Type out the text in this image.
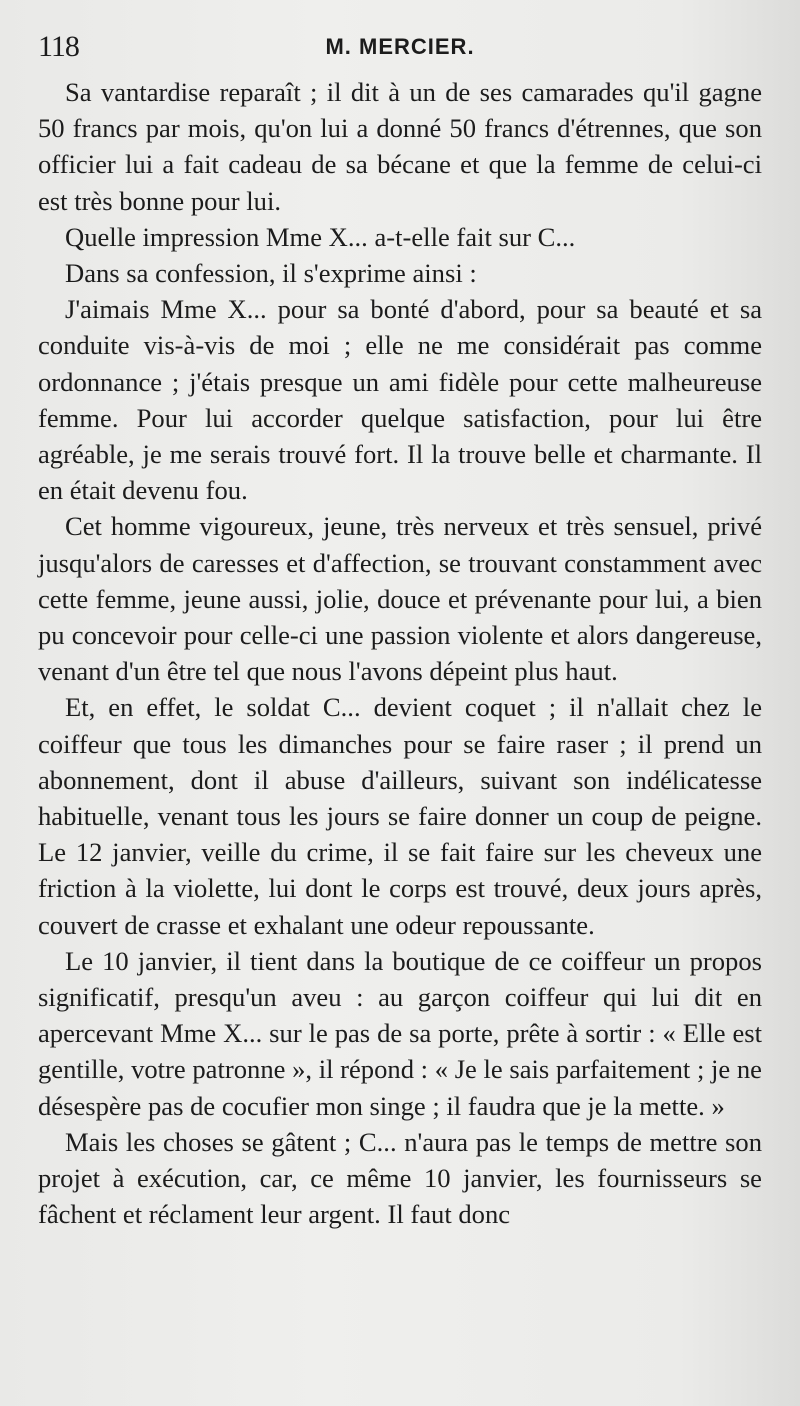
118	M. MERCIER.

Sa vantardise reparaît ; il dit à un de ses camarades qu'il gagne 50 francs par mois, qu'on lui a donné 50 francs d'étrennes, que son officier lui a fait cadeau de sa bécane et que la femme de celui-ci est très bonne pour lui.

Quelle impression Mme X... a-t-elle fait sur C...

Dans sa confession, il s'exprime ainsi :

J'aimais Mme X... pour sa bonté d'abord, pour sa beauté et sa conduite vis-à-vis de moi ; elle ne me considérait pas comme ordonnance ; j'étais presque un ami fidèle pour cette malheureuse femme. Pour lui accorder quelque satisfaction, pour lui être agréable, je me serais trouvé fort. Il la trouve belle et charmante. Il en était devenu fou.

Cet homme vigoureux, jeune, très nerveux et très sensuel, privé jusqu'alors de caresses et d'affection, se trouvant constamment avec cette femme, jeune aussi, jolie, douce et prévenante pour lui, a bien pu concevoir pour celle-ci une passion violente et alors dangereuse, venant d'un être tel que nous l'avons dépeint plus haut.

Et, en effet, le soldat C... devient coquet ; il n'allait chez le coiffeur que tous les dimanches pour se faire raser ; il prend un abonnement, dont il abuse d'ailleurs, suivant son indélicatesse habituelle, venant tous les jours se faire donner un coup de peigne. Le 12 janvier, veille du crime, il se fait faire sur les cheveux une friction à la violette, lui dont le corps est trouvé, deux jours après, couvert de crasse et exhalant une odeur repoussante.

Le 10 janvier, il tient dans la boutique de ce coiffeur un propos significatif, presqu'un aveu : au garçon coiffeur qui lui dit en apercevant Mme X... sur le pas de sa porte, prête à sortir : « Elle est gentille, votre patronne », il répond : « Je le sais parfaitement ; je ne désespère pas de cocufier mon singe ; il faudra que je la mette. »

Mais les choses se gâtent ; C... n'aura pas le temps de mettre son projet à exécution, car, ce même 10 janvier, les fournisseurs se fâchent et réclament leur argent. Il faut donc
